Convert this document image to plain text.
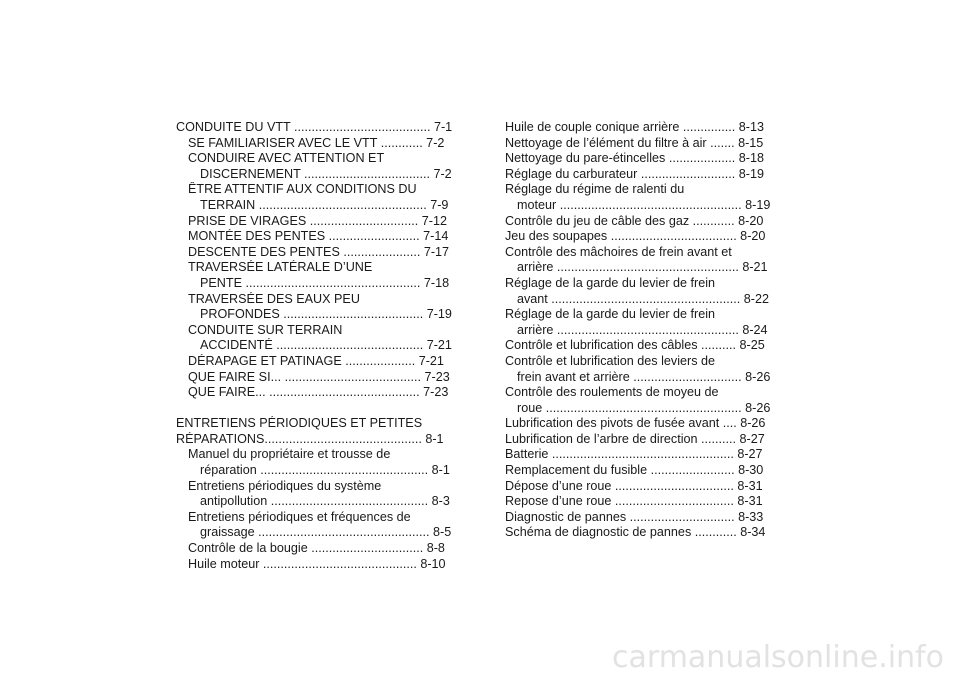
CONDUITE DU VTT ....................................... 7-1
SE FAMILIARISER AVEC LE VTT ............ 7-2
CONDUIRE AVEC ATTENTION ET
DISCERNEMENT .................................... 7-2
ÊTRE ATTENTIF AUX CONDITIONS DU
TERRAIN ................................................ 7-9
PRISE DE VIRAGES ............................... 7-12
MONTÉE DES PENTES .......................... 7-14
DESCENTE DES PENTES ...................... 7-17
TRAVERSÉE LATÉRALE D’UNE
PENTE .................................................. 7-18
TRAVERSÉE DES EAUX PEU
PROFONDES ........................................ 7-19
CONDUITE SUR TERRAIN
ACCIDENTÉ .......................................... 7-21
DÉRAPAGE ET PATINAGE .................... 7-21
QUE FAIRE SI... ....................................... 7-23
QUE FAIRE... ........................................... 7-23
ENTRETIENS PÉRIODIQUES ET PETITES
RÉPARATIONS............................................. 8-1
Manuel du propriétaire et trousse de
réparation ................................................ 8-1
Entretiens périodiques du système
antipollution ............................................. 8-3
Entretiens périodiques et fréquences de
graissage ................................................. 8-5
Contrôle de la bougie ................................ 8-8
Huile moteur ............................................ 8-10
Huile de couple conique arrière ............... 8-13
Nettoyage de l’élément du filtre à air ....... 8-15
Nettoyage du pare-étincelles ................... 8-18
Réglage du carburateur ........................... 8-19
Réglage du régime de ralenti du
moteur .................................................... 8-19
Contrôle du jeu de câble des gaz ............ 8-20
Jeu des soupapes .................................... 8-20
Contrôle des mâchoires de frein avant et
arrière .................................................... 8-21
Réglage de la garde du levier de frein
avant ...................................................... 8-22
Réglage de la garde du levier de frein
arrière .................................................... 8-24
Contrôle et lubrification des câbles .......... 8-25
Contrôle et lubrification des leviers de
frein avant et arrière ............................... 8-26
Contrôle des roulements de moyeu de
roue ........................................................ 8-26
Lubrification des pivots de fusée avant .... 8-26
Lubrification de l’arbre de direction .......... 8-27
Batterie .................................................... 8-27
Remplacement du fusible ........................ 8-30
Dépose d’une roue .................................. 8-31
Repose d’une roue .................................. 8-31
Diagnostic de pannes .............................. 8-33
Schéma de diagnostic de pannes ............ 8-34
carmanualsonline.info
